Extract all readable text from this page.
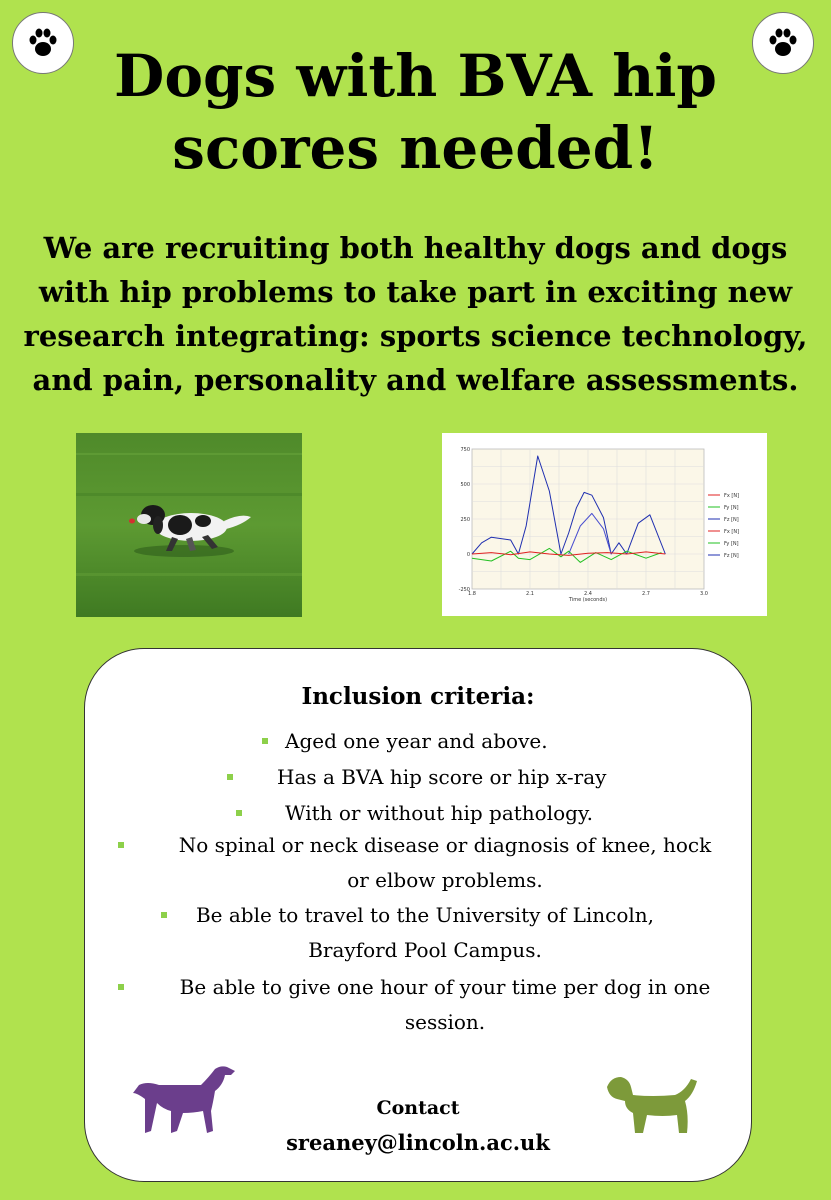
Dogs with BVA hip
scores needed!

We are recruiting both healthy dogs and dogs
with hip problems to take part in exciting new
research integrating: sports science technology,
and pain, personality and welfare assessments.

750
500
250
0
-250
1.8	2.1	2.4	2.7	3.0
Time (seconds)
Fx [N]
Fy [N]
Fz [N]
Fx [N]
Fy [N]
Fz [N]
Inclusion criteria:
Aged one year and above.
Has a BVA hip score or hip x-ray
With or without hip pathology.
No spinal or neck disease or diagnosis of knee, hock
or elbow problems.
Be able to travel to the University of Lincoln,
Brayford Pool Campus.
Be able to give one hour of your time per dog in one
session.
Contact
sreaney@lincoln.ac.uk
